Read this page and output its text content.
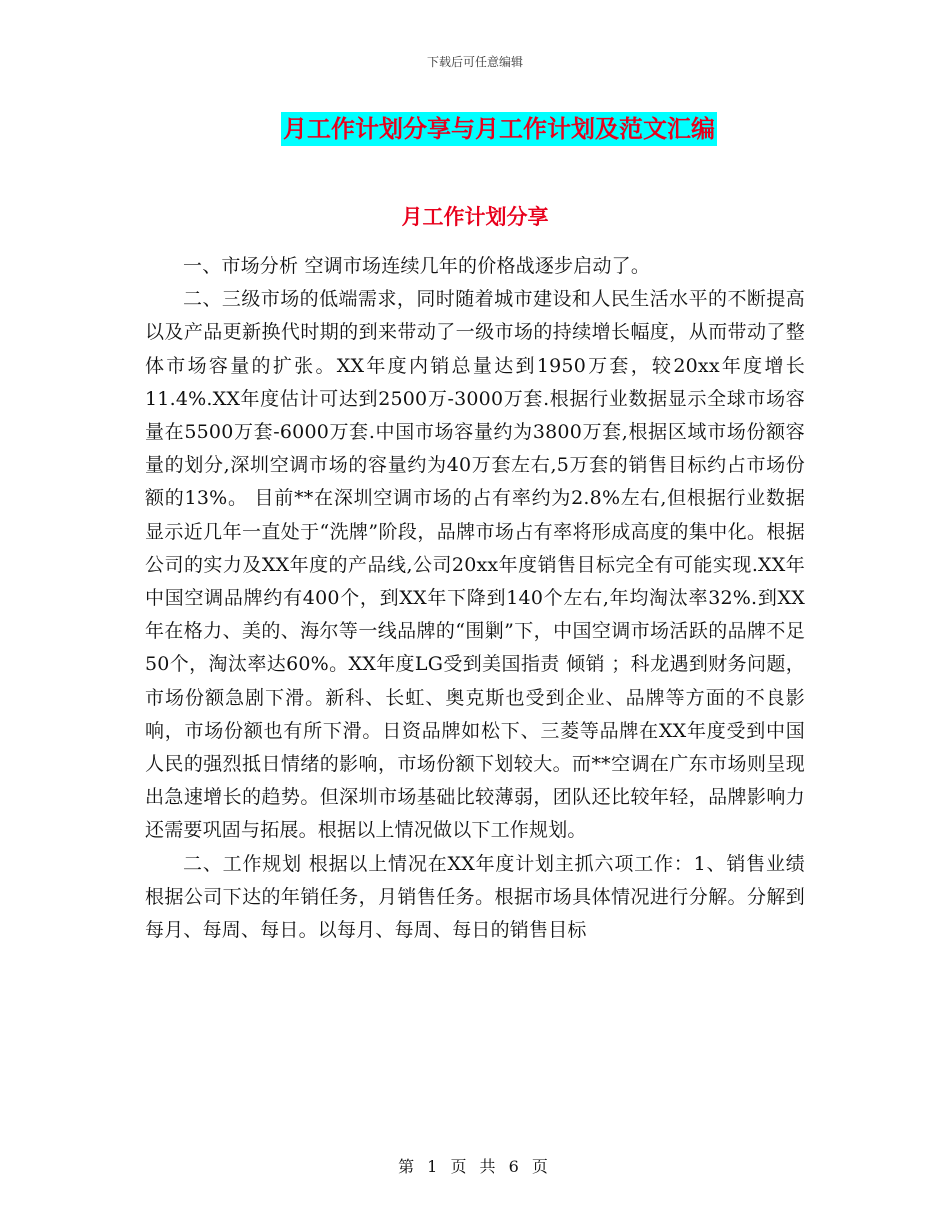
下载后可任意编辑
月工作计划分享与月工作计划及范文汇编
月工作计划分享

一、市场分析 空调市场连续几年的价格战逐步启动了。

二、三级市场的低端需求，同时随着城市建设和人民生活水平的不断提高以及产品更新换代时期的到来带动了一级市场的持续增长幅度，从而带动了整体市场容量的扩张。XX年度内销总量达到1950万套，较20xx年度增长11.4%.XX年度估计可达到2500万-3000万套.根据行业数据显示全球市场容量在5500万套-6000万套.中国市场容量约为3800万套,根据区域市场份额容量的划分,深圳空调市场的容量约为40万套左右,5万套的销售目标约占市场份额的13%。 目前**在深圳空调市场的占有率约为2.8%左右,但根据行业数据显示近几年一直处于“洗牌”阶段，品牌市场占有率将形成高度的集中化。根据公司的实力及XX年度的产品线,公司20xx年度销售目标完全有可能实现.XX年中国空调品牌约有400个，到XX年下降到140个左右,年均淘汰率32%.到XX年在格力、美的、海尔等一线品牌的“围剿”下，中国空调市场活跃的品牌不足50个，淘汰率达60%。XX年度LG受到美国指责 倾销 ；科龙遇到财务问题，市场份额急剧下滑。新科、长虹、奥克斯也受到企业、品牌等方面的不良影响，市场份额也有所下滑。日资品牌如松下、三菱等品牌在XX年度受到中国人民的强烈抵日情绪的影响，市场份额下划较大。而**空调在广东市场则呈现出急速增长的趋势。但深圳市场基础比较薄弱，团队还比较年轻，品牌影响力还需要巩固与拓展。根据以上情况做以下工作规划。

二、工作规划 根据以上情况在XX年度计划主抓六项工作：1、销售业绩 根据公司下达的年销任务，月销售任务。根据市场具体情况进行分解。分解到每月、每周、每日。以每月、每周、每日的销售目标

第 1 页 共 6 页
